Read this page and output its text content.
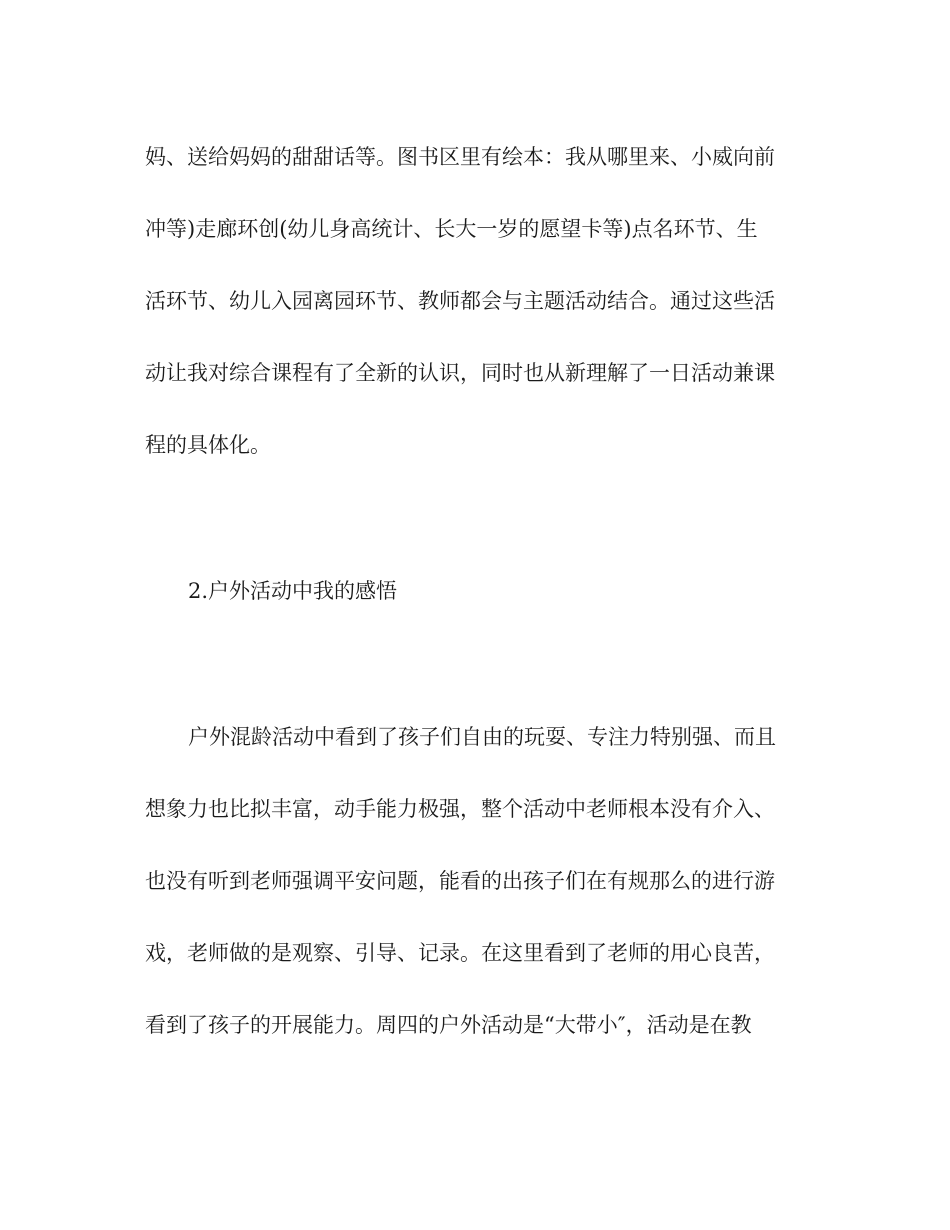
妈、送给妈妈的甜甜话等。图书区里有绘本：我从哪里来、小威向前

冲等)走廊环创(幼儿身高统计、长大一岁的愿望卡等)点名环节、生

活环节、幼儿入园离园环节、教师都会与主题活动结合。通过这些活

动让我对综合课程有了全新的认识，同时也从新理解了一日活动兼课

程的具体化。

2.户外活动中我的感悟

户外混龄活动中看到了孩子们自由的玩耍、专注力特别强、而且

想象力也比拟丰富，动手能力极强，整个活动中老师根本没有介入、

也没有听到老师强调平安问题，能看的出孩子们在有规那么的进行游

戏，老师做的是观察、引导、记录。在这里看到了老师的用心良苦，

看到了孩子的开展能力。周四的户外活动是“大带小″，活动是在教
